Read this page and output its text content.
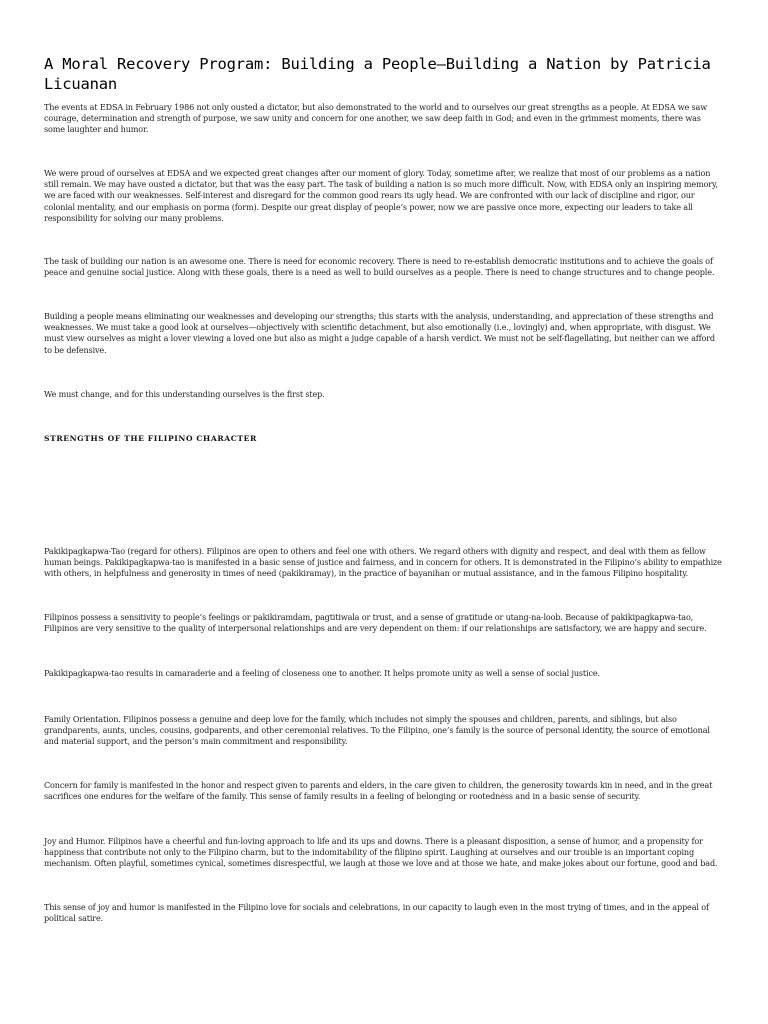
A Moral Recovery Program: Building a People—Building a Nation by Patricia Licuanan

The events at EDSA in February 1986 not only ousted a dictator, but also demonstrated to the world and to ourselves our great strengths as a people. At EDSA we saw courage, determination and strength of purpose, we saw unity and concern for one another, we saw deep faith in God; and even in the grimmest moments, there was some laughter and humor.

We were proud of ourselves at EDSA and we expected great changes after our moment of glory. Today, sometime after, we realize that most of our problems as a nation still remain. We may have ousted a dictator, but that was the easy part. The task of building a nation is so much more difficult. Now, with EDSA only an inspiring memory, we are faced with our weaknesses. Self-interest and disregard for the common good rears its ugly head. We are confronted with our lack of discipline and rigor, our colonial mentality, and our emphasis on porma (form). Despite our great display of people’s power, now we are passive once more, expecting our leaders to take all responsibility for solving our many problems.

The task of building our nation is an awesome one. There is need for economic recovery. There is need to re-establish democratic institutions and to achieve the goals of peace and genuine social justice. Along with these goals, there is a need as well to build ourselves as a people. There is need to change structures and to change people.

Building a people means eliminating our weaknesses and developing our strengths; this starts with the analysis, understanding, and appreciation of these strengths and weaknesses. We must take a good look at ourselves—objectively with scientific detachment, but also emotionally (i.e., lovingly) and, when appropriate, with disgust. We must view ourselves as might a lover viewing a loved one but also as might a judge capable of a harsh verdict. We must not be self-flagellating, but neither can we afford to be defensive.

We must change, and for this understanding ourselves is the first step.

STRENGTHS OF THE FILIPINO CHARACTER

Pakikipagkapwa-Tao (regard for others). Filipinos are open to others and feel one with others. We regard others with dignity and respect, and deal with them as fellow human beings. Pakikipagkapwa-tao is manifested in a basic sense of justice and fairness, and in concern for others. It is demonstrated in the Filipino’s ability to empathize with others, in helpfulness and generosity in times of need (pakikiramay), in the practice of bayanihan or mutual assistance, and in the famous Filipino hospitality.

Filipinos possess a sensitivity to people’s feelings or pakikiramdam, pagtitiwala or trust, and a sense of gratitude or utang-na-loob. Because of pakikipagkapwa-tao, Filipinos are very sensitive to the quality of interpersonal relationships and are very dependent on them: if our relationships are satisfactory, we are happy and secure.

Pakikipagkapwa-tao results in camaraderie and a feeling of closeness one to another. It helps promote unity as well a sense of social justice.

Family Orientation. Filipinos possess a genuine and deep love for the family, which includes not simply the spouses and children, parents, and siblings, but also grandparents, aunts, uncles, cousins, godparents, and other ceremonial relatives. To the Filipino, one’s family is the source of personal identity, the source of emotional and material support, and the person’s main commitment and responsibility.

Concern for family is manifested in the honor and respect given to parents and elders, in the care given to children, the generosity towards kin in need, and in the great sacrifices one endures for the welfare of the family. This sense of family results in a feeling of belonging or rootedness and in a basic sense of security.

Joy and Humor. Filipinos have a cheerful and fun-loving approach to life and its ups and downs. There is a pleasant disposition, a sense of humor, and a propensity for happiness that contribute not only to the Filipino charm, but to the indomitability of the filipino spirit. Laughing at ourselves and our trouble is an important coping mechanism. Often playful, sometimes cynical, sometimes disrespectful, we laugh at those we love and at those we hate, and make jokes about our fortune, good and bad.

This sense of joy and humor is manifested in the Filipino love for socials and celebrations, in our capacity to laugh even in the most trying of times, and in the appeal of political satire.
